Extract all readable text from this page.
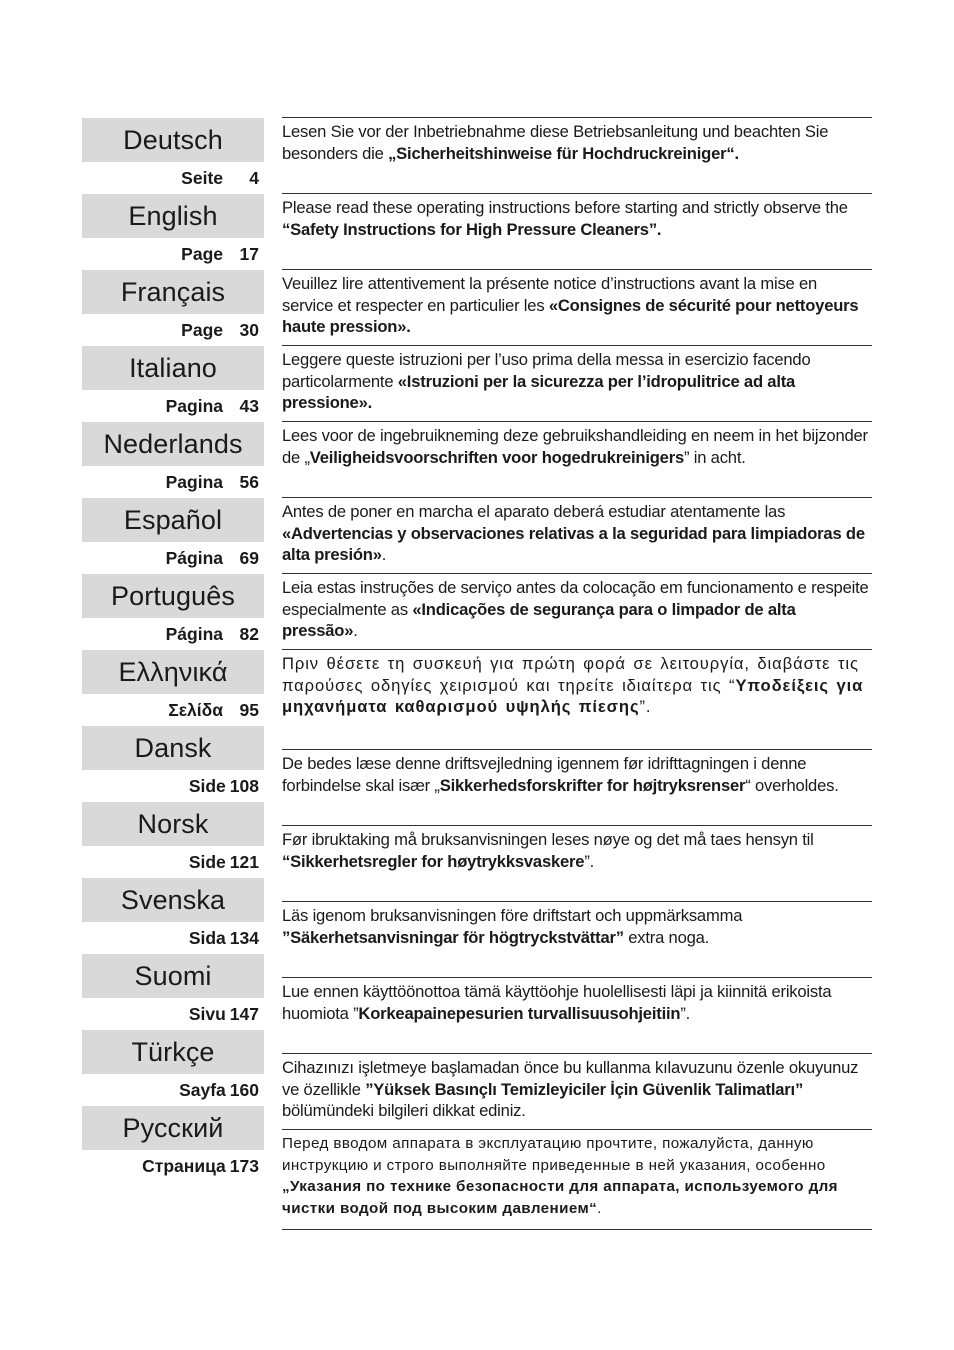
Deutsch
Seite 4
English
Page 17
Français
Page 30
Italiano
Pagina 43
Nederlands
Pagina 56
Español
Página 69
Português
Página 82
Ελληνικά
Σελίδα 95
Dansk
Side 108
Norsk
Side 121
Svenska
Sida 134
Suomi
Sivu 147
Türkçe
Sayfa 160
Русский
Страница 173
Lesen Sie vor der Inbetriebnahme diese Betriebsanleitung und beachten Sie besonders die „Sicherheitshinweise für Hochdruckreiniger“.
Please read these operating instructions before starting and strictly observe the “Safety Instructions for High Pressure Cleaners”.
Veuillez lire attentivement la présente notice d’instructions avant la mise en service et respecter en particulier les «Consignes de sécurité pour nettoyeurs haute pression».
Leggere queste istruzioni per l’uso prima della messa in esercizio facendo particolarmente «Istruzioni per la sicurezza per l’idropulitrice ad alta pressione».
Lees voor de ingebruikneming deze gebruikshandleiding en neem in het bijzonder de „Veiligheidsvoorschriften voor hogedrukreinigers” in acht.
Antes de poner en marcha el aparato deberá estudiar atentamente las «Advertencias y observaciones relativas a la seguridad para limpiadoras de alta presión».
Leia estas instruções de serviço antes da colocação em funcionamento e respeite especialmente as «Indicações de segurança para o limpador de alta pressão».
Πριν θέσετε τη συσκευή για πρώτη φορά σε λειτουργία, διαβάστε τις παρούσες οδηγίες χειρισμού και τηρείτε ιδιαίτερα τις “Υποδείξεις για μηχανήματα καθαρισμού υψηλής πίεσης”.
De bedes læse denne driftsvejledning igennem før idrifttagningen i denne forbindelse skal især „Sikkerhedsforskrifter for højtryksrenser“ overholdes.
Før ibruktaking må bruksanvisningen leses nøye og det må taes hensyn til “Sikkerhetsregler for høytrykksvaskere”.
Läs igenom bruksanvisningen före driftstart och uppmärksamma ”Säkerhetsanvisningar för högtryckstvättar” extra noga.
Lue ennen käyttöönottoa tämä käyttöohje huolellisesti läpi ja kiinnitä erikoista huomiota ”Korkeapainepesurien turvallisuusohjeitiin”.
Cihazınızı işletmeye başlamadan önce bu kullanma kılavuzunu özenle okuyunuz ve özellikle ”Yüksek Basınçlı Temizleyiciler İçin Güvenlik Talimatları” bölümündeki bilgileri dikkat ediniz.
Перед вводом аппарата в эксплуатацию прочтите, пожалуйста, данную инструкцию и строго выполняйте приведенные в ней указания, особенно „Указания по технике безопасности для аппарата, используемого для чистки водой под высоким давлением“.
